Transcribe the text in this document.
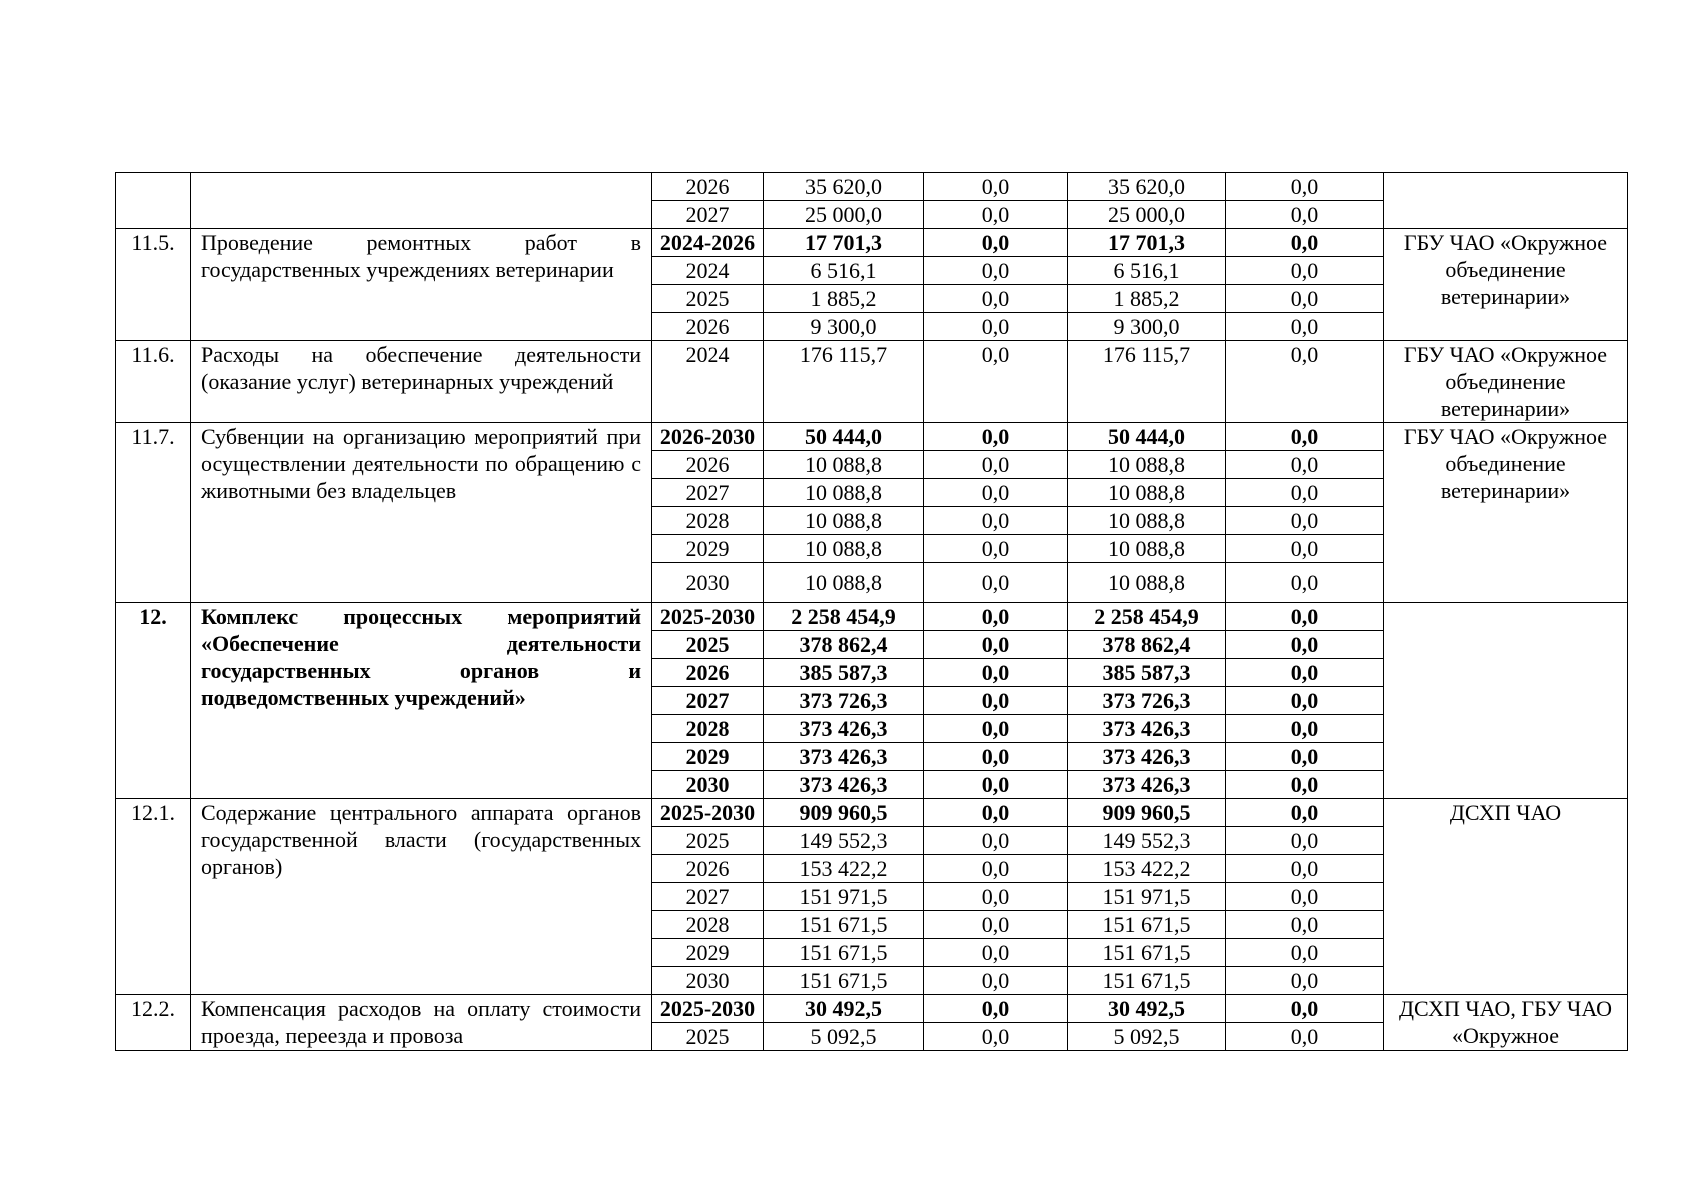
		2026	35 620,0	0,0	35 620,0	0,0	
		2027	25 000,0	0,0	25 000,0	0,0	
11.5.	Проведение ремонтных работ в государственных учреждениях ветеринарии	2024-2026	17 701,3	0,0	17 701,3	0,0	ГБУ ЧАО «Окружное объединение ветеринарии»
		2024	6 516,1	0,0	6 516,1	0,0	
		2025	1 885,2	0,0	1 885,2	0,0	
		2026	9 300,0	0,0	9 300,0	0,0	
11.6.	Расходы на обеспечение деятельности (оказание услуг) ветеринарных учреждений	2024	176 115,7	0,0	176 115,7	0,0	ГБУ ЧАО «Окружное объединение ветеринарии»
11.7.	Субвенции на организацию мероприятий при осуществлении деятельности по обращению с животными без владельцев	2026-2030	50 444,0	0,0	50 444,0	0,0	ГБУ ЧАО «Окружное объединение ветеринарии»
		2026	10 088,8	0,0	10 088,8	0,0	
		2027	10 088,8	0,0	10 088,8	0,0	
		2028	10 088,8	0,0	10 088,8	0,0	
		2029	10 088,8	0,0	10 088,8	0,0	
		2030	10 088,8	0,0	10 088,8	0,0	
12.	Комплекс процессных мероприятий «Обеспечение деятельности государственных органов и подведомственных учреждений»	2025-2030	2 258 454,9	0,0	2 258 454,9	0,0	
		2025	378 862,4	0,0	378 862,4	0,0	
		2026	385 587,3	0,0	385 587,3	0,0	
		2027	373 726,3	0,0	373 726,3	0,0	
		2028	373 426,3	0,0	373 426,3	0,0	
		2029	373 426,3	0,0	373 426,3	0,0	
		2030	373 426,3	0,0	373 426,3	0,0	
12.1.	Содержание центрального аппарата органов государственной власти (государственных органов)	2025-2030	909 960,5	0,0	909 960,5	0,0	ДСХП ЧАО
		2025	149 552,3	0,0	149 552,3	0,0	
		2026	153 422,2	0,0	153 422,2	0,0	
		2027	151 971,5	0,0	151 971,5	0,0	
		2028	151 671,5	0,0	151 671,5	0,0	
		2029	151 671,5	0,0	151 671,5	0,0	
		2030	151 671,5	0,0	151 671,5	0,0	
12.2.	Компенсация расходов на оплату стоимости проезда, переезда и провоза	2025-2030	30 492,5	0,0	30 492,5	0,0	ДСХП ЧАО, ГБУ ЧАО «Окружное
		2025	5 092,5	0,0	5 092,5	0,0	
